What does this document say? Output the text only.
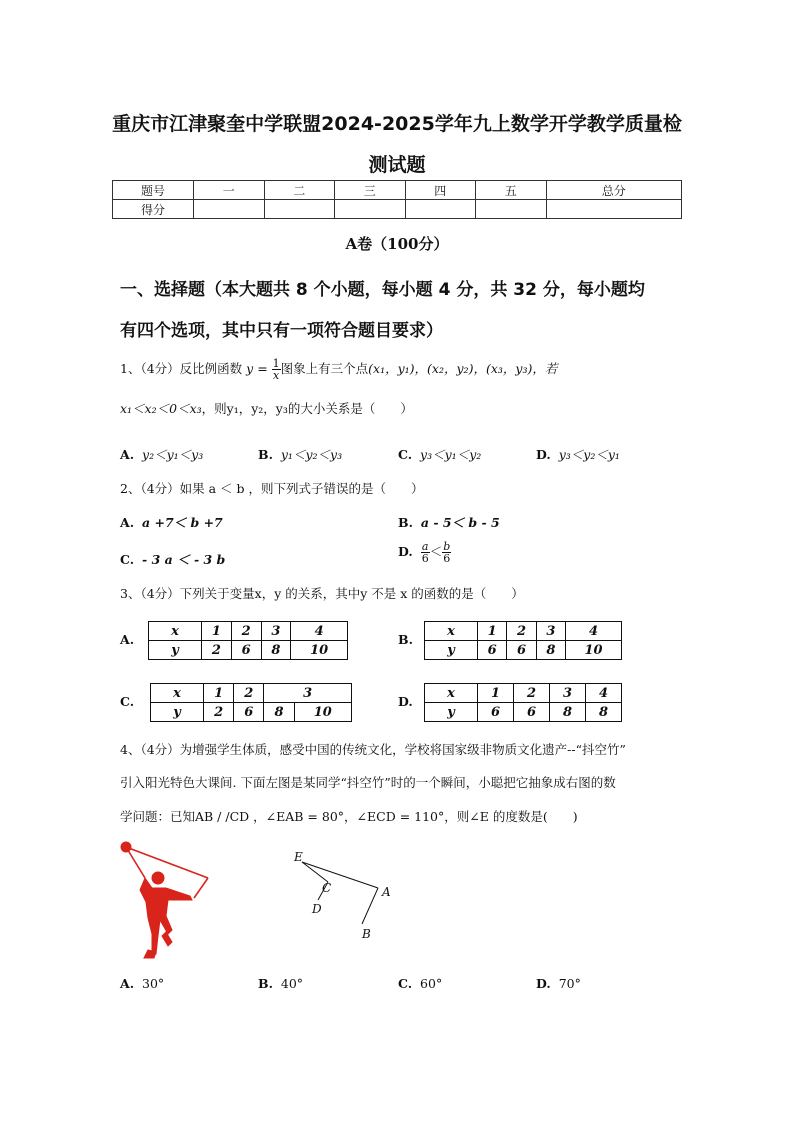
重庆市江津聚奎中学联盟2024-2025学年九上数学开学教学质量检
测试题
题号	一	二	三	四	五	总分
得分						
A卷（100分）
一、选择题（本大题共 8 个小题，每小题 4 分，共 32 分，每小题均
有四个选项，其中只有一项符合题目要求）
1、（4分）反比例函数 $y = \frac{1}{x}$ 图象上有三个点(x₁，y₁)，(x₂，y₂)，(x₃，y₃)，若
x₁＜x₂＜0＜x₃，则y₁，y₂，y₃的大小关系是（　　）
A. y₂＜y₁＜y₃	B. y₁＜y₂＜y₃	C. y₃＜y₁＜y₂	D. y₃＜y₂＜y₁
2、（4分）如果 a ＜ b ，则下列式子错误的是（　　）
A. a +7＜ b +7	B. a - 5＜ b - 5
C.  - 3 a ＜ - 3 b
D. $\frac{a}{6} < \frac{b}{6}$
3、（4分）下列关于变量x，y 的关系，其中y 不是 x 的函数的是（　　）
A.
x	1	2	3	4
y	2	6	8	10
B.
x	1	2	3	4
y	6	6	8	10
C.
x	1	2	3	
y	2	6	8	10
D.
x	1	2	3	4
y	6	6	8	8
4、（4分）为增强学生体质，感受中国的传统文化，学校将国家级非物质文化遗产--“抖空竹”
引入阳光特色大课间. 下面左图是某同学“抖空竹”时的一个瞬间，小聪把它抽象成右图的数
学问题：已知AB / /CD ，∠EAB = 80°，∠ECD = 110°，则∠E 的度数是(　　)
E
C
D
A
B
A. 30°	B. 40°	C. 60°	D. 70°
